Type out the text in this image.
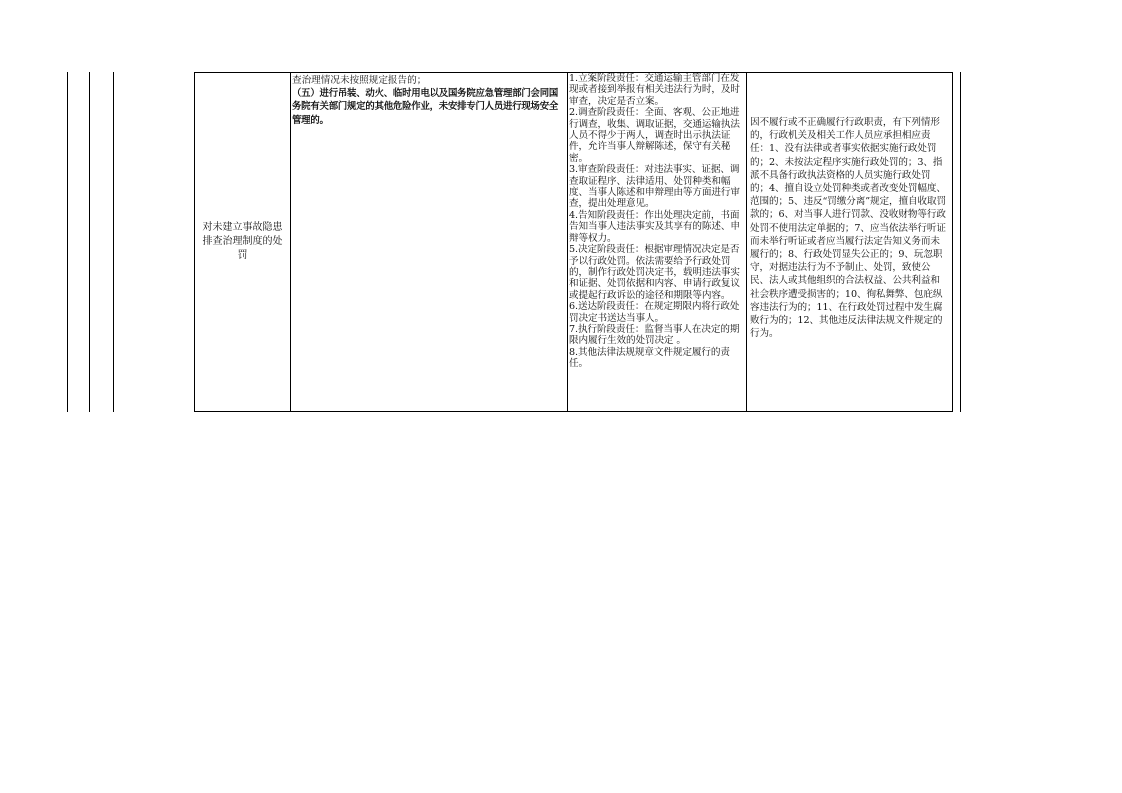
对未建立事故隐患排查治理制度的处罚
查治理情况未按照规定报告的；
（五）进行吊装、动火、临时用电以及国务院应急管理部门会同国务院有关部门规定的其他危险作业，未安排专门人员进行现场安全管理的。
1.立案阶段责任：交通运输主管部门在发现或者接到举报有相关违法行为时，及时审查，决定是否立案。
2.调查阶段责任：全面、客观、公正地进行调查，收集、调取证据，交通运输执法人员不得少于两人，调查时出示执法证件，允许当事人辩解陈述，保守有关秘密。
3.审查阶段责任：对违法事实、证据、调查取证程序、法律适用、处罚种类和幅度、当事人陈述和申辩理由等方面进行审查，提出处理意见。
4.告知阶段责任：作出处理决定前，书面告知当事人违法事实及其享有的陈述、申辩等权力。
5.决定阶段责任：根据审理情况决定是否予以行政处罚。依法需要给予行政处罚的，制作行政处罚决定书，载明违法事实和证据、处罚依据和内容、申请行政复议或提起行政诉讼的途径和期限等内容。
6.送达阶段责任：在规定期限内将行政处罚决定书送达当事人。
7.执行阶段责任：监督当事人在决定的期限内履行生效的处罚决定 。
8.其他法律法规规章文件规定履行的责任。
因不履行或不正确履行行政职责，有下列情形的，行政机关及相关工作人员应承担相应责任：1、没有法律或者事实依据实施行政处罚的；2、未按法定程序实施行政处罚的；3、指派不具备行政执法资格的人员实施行政处罚的；4、擅自设立处罚种类或者改变处罚幅度、范围的；5、违反“罚缴分离”规定，擅自收取罚款的；6、对当事人进行罚款、没收财物等行政处罚不使用法定单据的；7、应当依法举行听证而未举行听证或者应当履行法定告知义务而未履行的；8、行政处罚显失公正的；9、玩忽职守，对据违法行为不予制止、处罚，致使公民、法人或其他组织的合法权益、公共利益和社会秩序遭受损害的；10、徇私舞弊、包庇纵容违法行为的；11、在行政处罚过程中发生腐败行为的；12、其他违反法律法规文件规定的行为。
